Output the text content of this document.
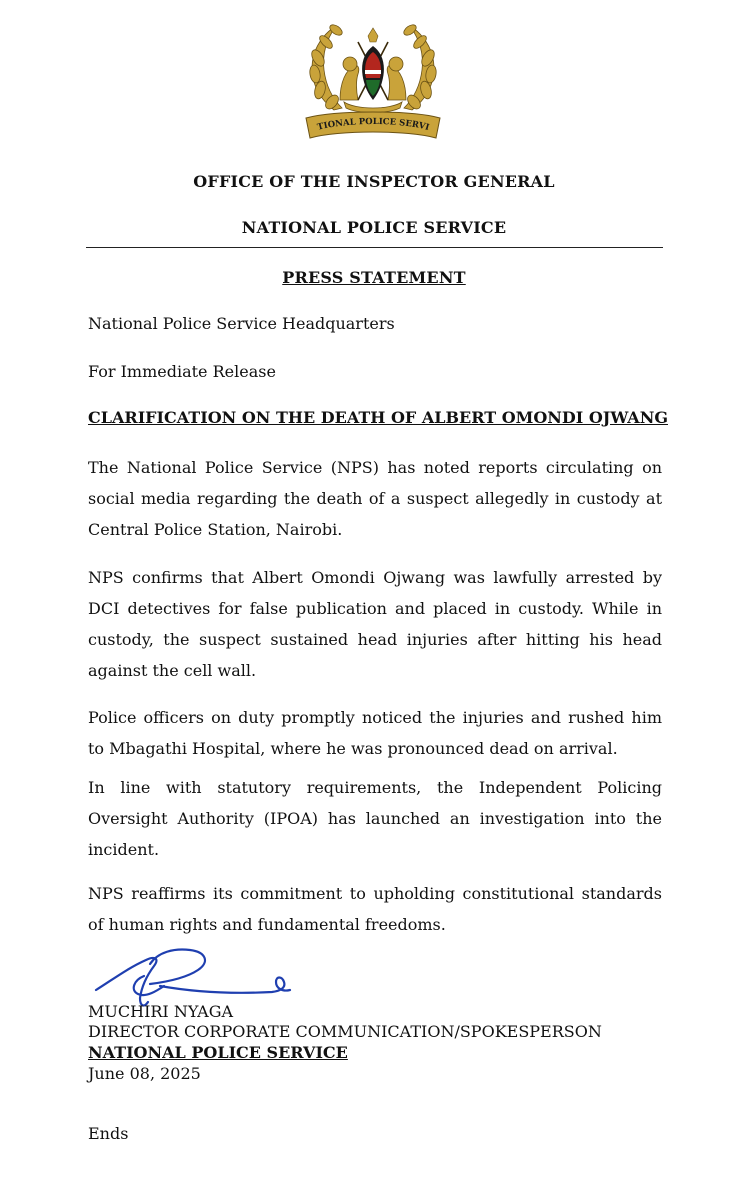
TIONAL POLICE SERVI
OFFICE OF THE INSPECTOR GENERAL
NATIONAL POLICE SERVICE
PRESS STATEMENT
National Police Service Headquarters
For Immediate Release
CLARIFICATION ON THE DEATH OF ALBERT OMONDI OJWANG

The National Police Service (NPS) has noted reports circulating on social media regarding the death of a suspect allegedly in custody at Central Police Station, Nairobi.

NPS confirms that Albert Omondi Ojwang was lawfully arrested by DCI detectives for false publication and placed in custody. While in custody, the suspect sustained head injuries after hitting his head against the cell wall.

Police officers on duty promptly noticed the injuries and rushed him to Mbagathi Hospital, where he was pronounced dead on arrival.

In line with statutory requirements, the Independent Policing Oversight Authority (IPOA) has launched an investigation into the incident.

NPS reaffirms its commitment to upholding constitutional standards of human rights and fundamental freedoms.

MUCHIRI NYAGA
DIRECTOR CORPORATE COMMUNICATION/SPOKESPERSON
NATIONAL POLICE SERVICE
June 08, 2025
Ends
